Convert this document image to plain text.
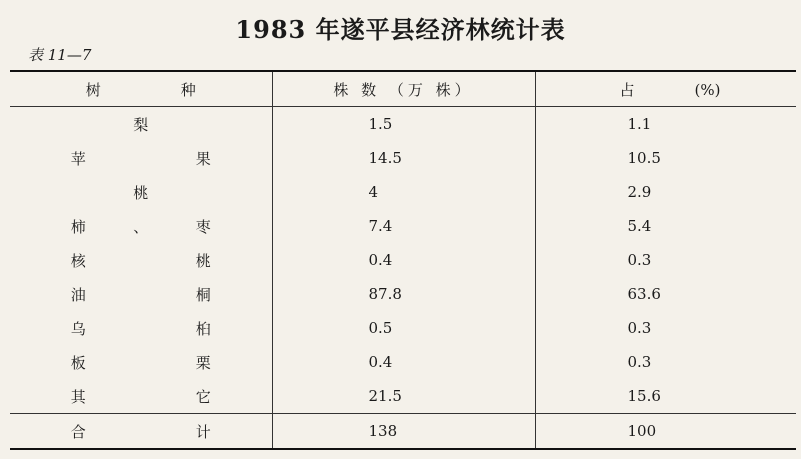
1983 年遂平县经济林统计表
表 11—7
树 种	株 数 （万 株）	占 (%)
梨	1.5	1.1
苹 果	14.5	10.5
桃	4	2.9
柿 、 枣	7.4	5.4
核 桃	0.4	0.3
油 桐	87.8	63.6
乌 桕	0.5	0.3
板 栗	0.4	0.3
其 它	21.5	15.6
合 计	138	100
